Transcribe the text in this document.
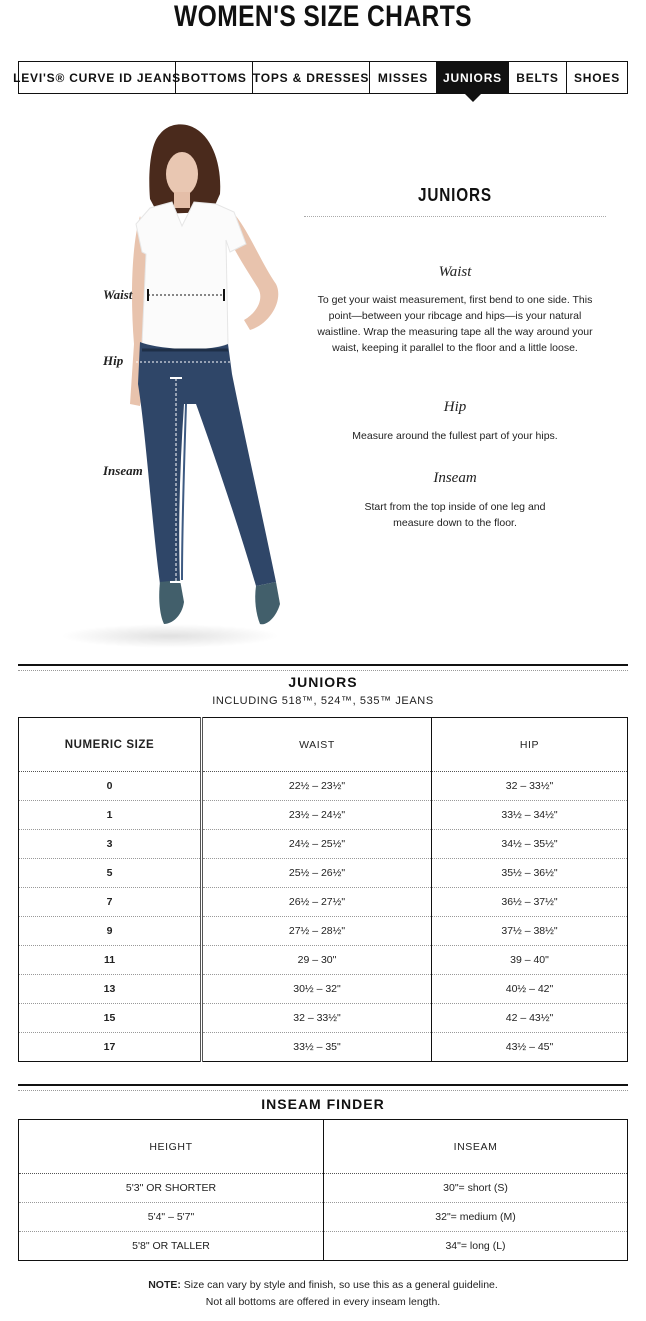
WOMEN'S SIZE CHARTS
LEVI'S® CURVE ID JEANS BOTTOMS TOPS & DRESSES MISSES	JUNIORS	BELTS	SHOES
Waist
Hip
Inseam
JUNIORS
Waist
To get your waist measurement, first bend to one side. This point—between your ribcage and hips—is your natural waistline. Wrap the measuring tape all the way around your waist, keeping it parallel to the floor and a little loose.
Hip
Measure around the fullest part of your hips.
Inseam
Start from the top inside of one leg and measure down to the floor.
JUNIORS
INCLUDING 518™, 524™, 535™ JEANS
NUMERIC SIZE	WAIST	HIP
0	22½ – 23½"	32 – 33½"
1	23½ – 24½"	33½ – 34½"
3	24½ – 25½"	34½ – 35½"
5	25½ – 26½"	35½ – 36½"
7	26½ – 27½"	36½ – 37½"
9	27½ – 28½"	37½ – 38½"
11	29 – 30"	39 – 40"
13	30½ – 32"	40½ – 42"
15	32 – 33½"	42 – 43½"
17	33½ – 35"	43½ – 45"
INSEAM FINDER
HEIGHT	INSEAM
5'3" OR SHORTER	30"= short (S)
5'4" – 5'7"	32"= medium (M)
5'8" OR TALLER	34"= long (L)
NOTE: Size can vary by style and finish, so use this as a general guideline.
Not all bottoms are offered in every inseam length.
